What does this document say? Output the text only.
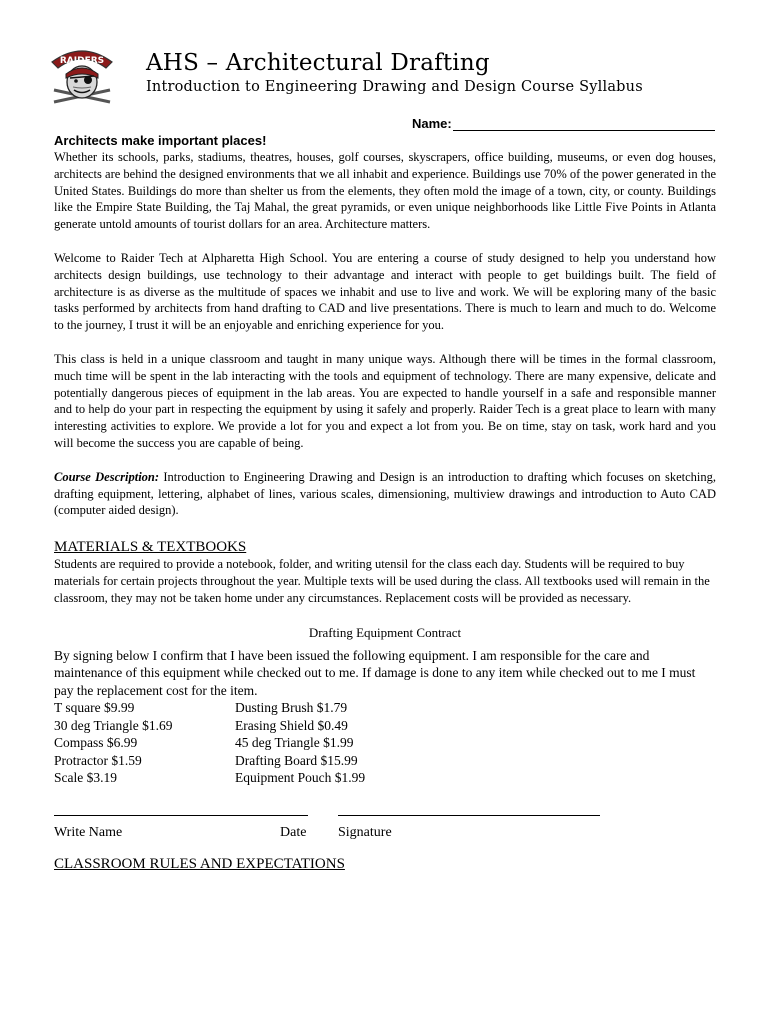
RAIDERS AHS – Architectural Drafting
Introduction to Engineering Drawing and Design Course Syllabus
Name:

Architects make important places!

Whether its schools, parks, stadiums, theatres, houses, golf courses, skyscrapers, office building, museums, or even dog houses, architects are behind the designed environments that we all inhabit and experience. Buildings use 70% of the power generated in the United States. Buildings do more than shelter us from the elements, they often mold the image of a town, city, or county. Buildings like the Empire State Building, the Taj Mahal, the great pyramids, or even unique neighborhoods like Little Five Points in Atlanta generate untold amounts of tourist dollars for an area. Architecture matters.

Welcome to Raider Tech at Alpharetta High School. You are entering a course of study designed to help you understand how architects design buildings, use technology to their advantage and interact with people to get buildings built. The field of architecture is as diverse as the multitude of spaces we inhabit and use to live and work. We will be exploring many of the basic tasks performed by architects from hand drafting to CAD and live presentations. There is much to learn and much to do. Welcome to the journey, I trust it will be an enjoyable and enriching experience for you.

This class is held in a unique classroom and taught in many unique ways. Although there will be times in the formal classroom, much time will be spent in the lab interacting with the tools and equipment of technology. There are many expensive, delicate and potentially dangerous pieces of equipment in the lab areas. You are expected to handle yourself in a safe and responsible manner and to help do your part in respecting the equipment by using it safely and properly. Raider Tech is a great place to learn with many interesting activities to explore. We provide a lot for you and expect a lot from you. Be on time, stay on task, work hard and you will become the success you are capable of being.

Course Description: Introduction to Engineering Drawing and Design is an introduction to drafting which focuses on sketching, drafting equipment, lettering, alphabet of lines, various scales, dimensioning, multiview drawings and introduction to Auto CAD (computer aided design).

MATERIALS & TEXTBOOKS

Students are required to provide a notebook, folder, and writing utensil for the class each day. Students will be required to buy materials for certain projects throughout the year. Multiple texts will be used during the class. All textbooks used will remain in the classroom, they may not be taken home under any circumstances. Replacement costs will be provided as necessary.

Drafting Equipment Contract

By signing below I confirm that I have been issued the following equipment. I am responsible for the care and maintenance of this equipment while checked out to me. If damage is done to any item while checked out to me I must pay the replacement cost for the item.

T square $9.99	Dusting Brush $1.79
30 deg Triangle $1.69	Erasing Shield $0.49
Compass $6.99	45 deg Triangle $1.99
Protractor $1.59	Drafting Board $15.99
Scale $3.19	Equipment Pouch $1.99
Write Name	Date Signature
CLASSROOM RULES AND EXPECTATIONS
